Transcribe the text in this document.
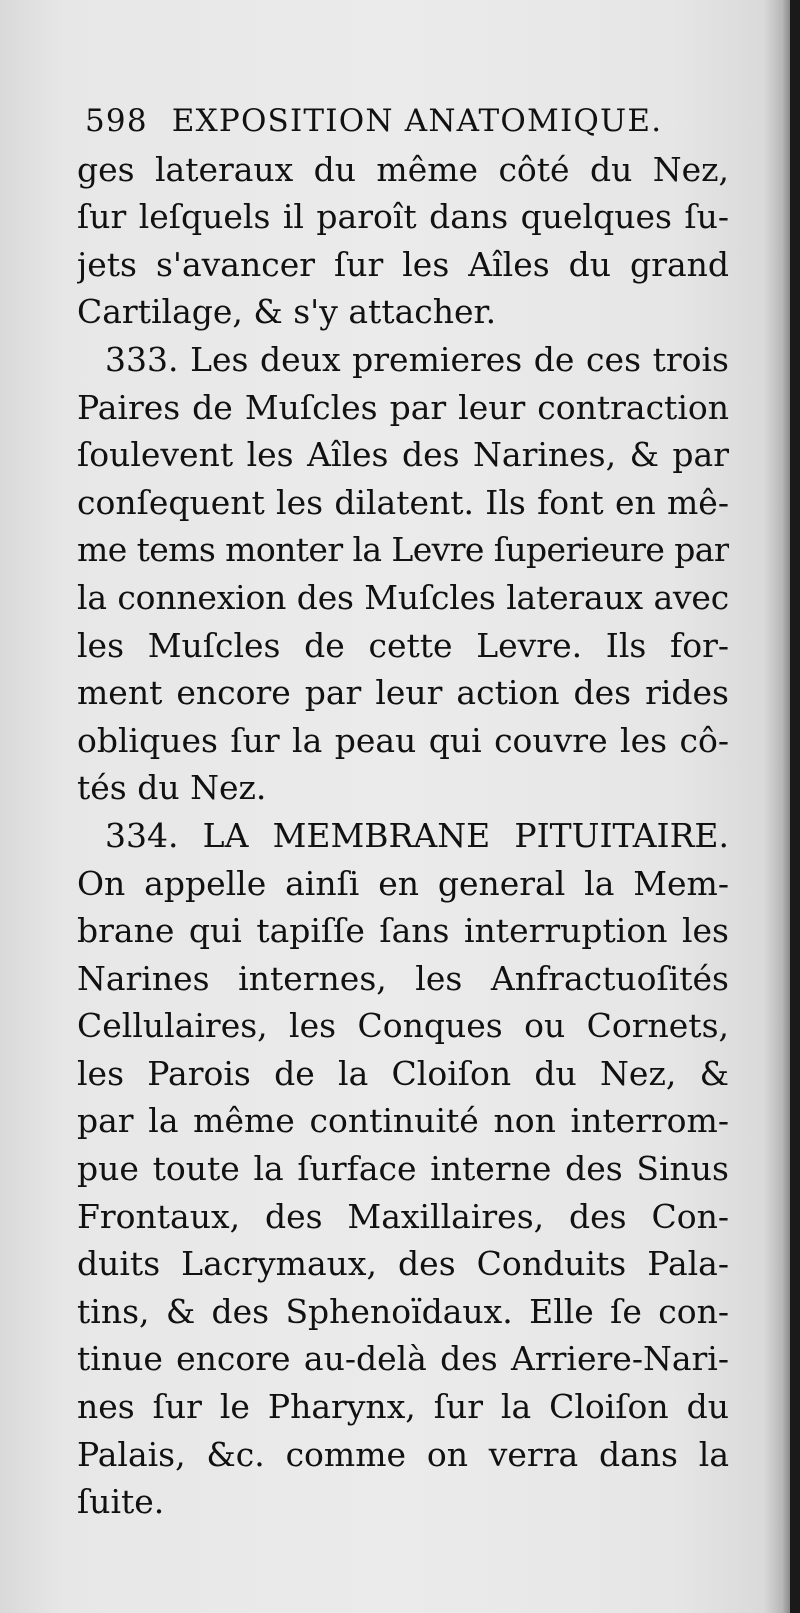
598 EXPOSITION ANATOMIQUE.
ges lateraux du même côté du Nez,
ſur leſquels il paroît dans quelques ſu-
jets s'avancer ſur les Aîles du grand
Cartilage, & s'y attacher.
333. Les deux premieres de ces trois
Paires de Muſcles par leur contraction
ſoulevent les Aîles des Narines, & par
conſequent les dilatent. Ils font en mê-
me tems monter la Levre ſuperieure par
la connexion des Muſcles lateraux avec
les Muſcles de cette Levre. Ils for-
ment encore par leur action des rides
obliques ſur la peau qui couvre les cô-
tés du Nez.
334. LA MEMBRANE PITUITAIRE.
On appelle ainſi en general la Mem-
brane qui tapiſſe ſans interruption les
Narines internes, les Anfractuoſités
Cellulaires, les Conques ou Cornets,
les Parois de la Cloiſon du Nez, &
par la même continuité non interrom-
pue toute la ſurface interne des Sinus
Frontaux, des Maxillaires, des Con-
duits Lacrymaux, des Conduits Pala-
tins, & des Sphenoïdaux. Elle ſe con-
tinue encore au-delà des Arriere-Nari-
nes ſur le Pharynx, ſur la Cloiſon du
Palais, &c. comme on verra dans la
ſuite.
